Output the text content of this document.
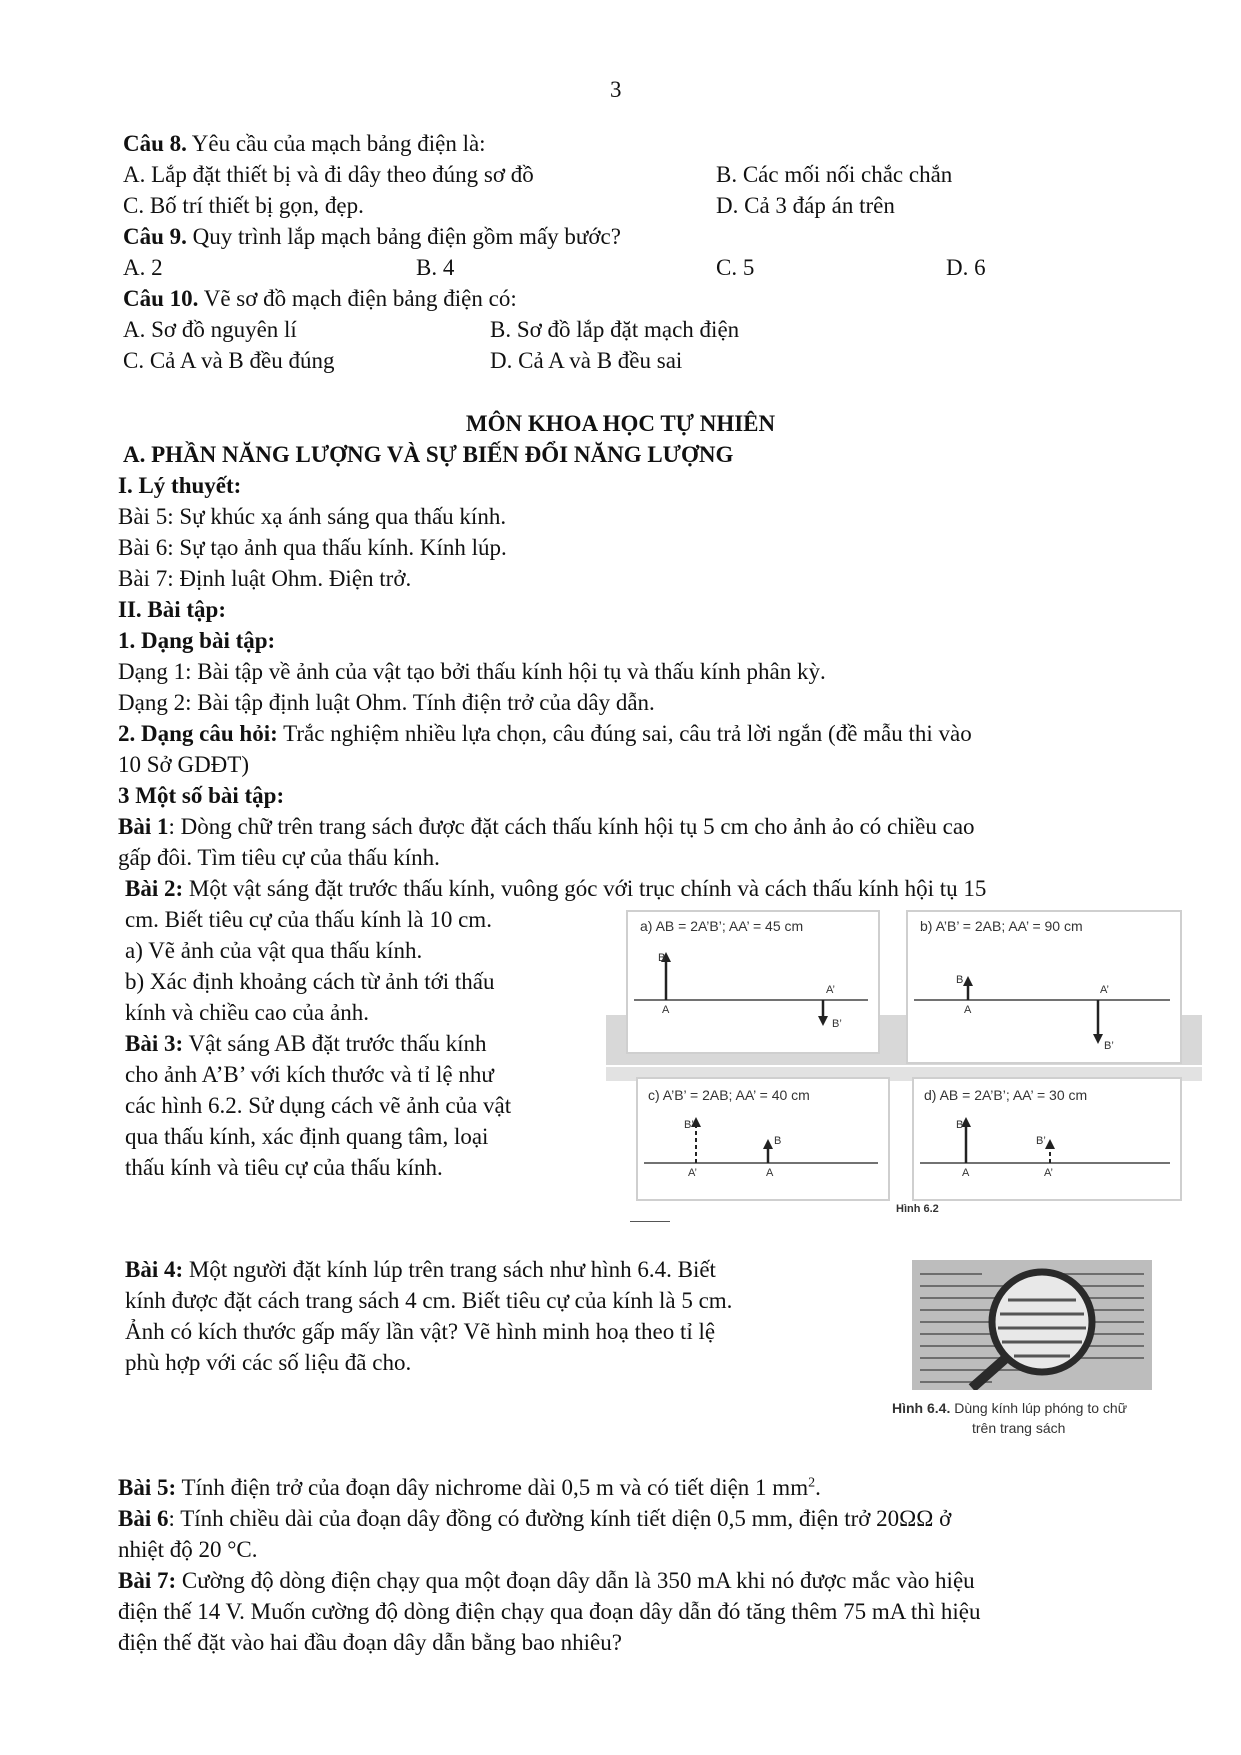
3
Câu 8. Yêu cầu của mạch bảng điện là:
A. Lắp đặt thiết bị và đi dây theo đúng sơ đồ	B. Các mối nối chắc chắn
C. Bố trí thiết bị gọn, đẹp.	D. Cả 3 đáp án trên
Câu 9. Quy trình lắp mạch bảng điện gồm mấy bước?
A. 2	B. 4	C. 5	D. 6
Câu 10. Vẽ sơ đồ mạch điện bảng điện có:
A. Sơ đồ nguyên lí	B. Sơ đồ lắp đặt mạch điện
C. Cả A và B đều đúng	D. Cả A và B đều sai
MÔN KHOA HỌC TỰ NHIÊN
A. PHẦN NĂNG LƯỢNG VÀ SỰ BIẾN ĐỔI NĂNG LƯỢNG
I. Lý thuyết:
Bài 5: Sự khúc xạ ánh sáng qua thấu kính.
Bài 6: Sự tạo ảnh qua thấu kính. Kính lúp.
Bài 7: Định luật Ohm. Điện trở.
II. Bài tập:
1. Dạng bài tập:
Dạng 1: Bài tập về ảnh của vật tạo bởi thấu kính hội tụ và thấu kính phân kỳ.
Dạng 2: Bài tập định luật Ohm. Tính điện trở của dây dẫn.
2. Dạng câu hỏi: Trắc nghiệm nhiều lựa chọn, câu đúng sai, câu trả lời ngắn (đề mẫu thi vào
10 Sở GDĐT)
3 Một số bài tập:
Bài 1: Dòng chữ trên trang sách được đặt cách thấu kính hội tụ 5 cm cho ảnh ảo có chiều cao
gấp đôi. Tìm tiêu cự của thấu kính.
Bài 2: Một vật sáng đặt trước thấu kính, vuông góc với trục chính và cách thấu kính hội tụ 15
cm. Biết tiêu cự của thấu kính là 10 cm.
a) Vẽ ảnh của vật qua thấu kính.
b) Xác định khoảng cách từ ảnh tới thấu
kính và chiều cao của ảnh.
Bài 3: Vật sáng AB đặt trước thấu kính
cho ảnh A’B’ với kích thước và tỉ lệ như
các hình 6.2. Sử dụng cách vẽ ảnh của vật
qua thấu kính, xác định quang tâm, loại
thấu kính và tiêu cự của thấu kính.
a) AB = 2A’B’; AA’ = 45 cm
B
A
A’
B’
b) A’B’ = 2AB; AA’ = 90 cm
B
A
A’
B’
c) A’B’ = 2AB; AA’ = 40 cm
B’
B
A’	A
d) AB = 2A’B’; AA’ = 30 cm
B
B’
A	A’
Hình 6.2
Bài 4: Một người đặt kính lúp trên trang sách như hình 6.4. Biết
kính được đặt cách trang sách 4 cm. Biết tiêu cự của kính là 5 cm.
Ảnh có kích thước gấp mấy lần vật? Vẽ hình minh hoạ theo tỉ lệ
phù hợp với các số liệu đã cho.
Hình 6.4. Dùng kính lúp phóng to chữ
trên trang sách
Bài 5: Tính điện trở của đoạn dây nichrome dài 0,5 m và có tiết diện 1 $mm^2$.
Bài 6: Tính chiều dài của đoạn dây đồng có đường kính tiết diện 0,5 mm, điện trở 20ΩΩ ở
nhiệt độ 20 °C.
Bài 7: Cường độ dòng điện chạy qua một đoạn dây dẫn là 350 mA khi nó được mắc vào hiệu
điện thế 14 V. Muốn cường độ dòng điện chạy qua đoạn dây dẫn đó tăng thêm 75 mA thì hiệu
điện thế đặt vào hai đầu đoạn dây dẫn bằng bao nhiêu?
